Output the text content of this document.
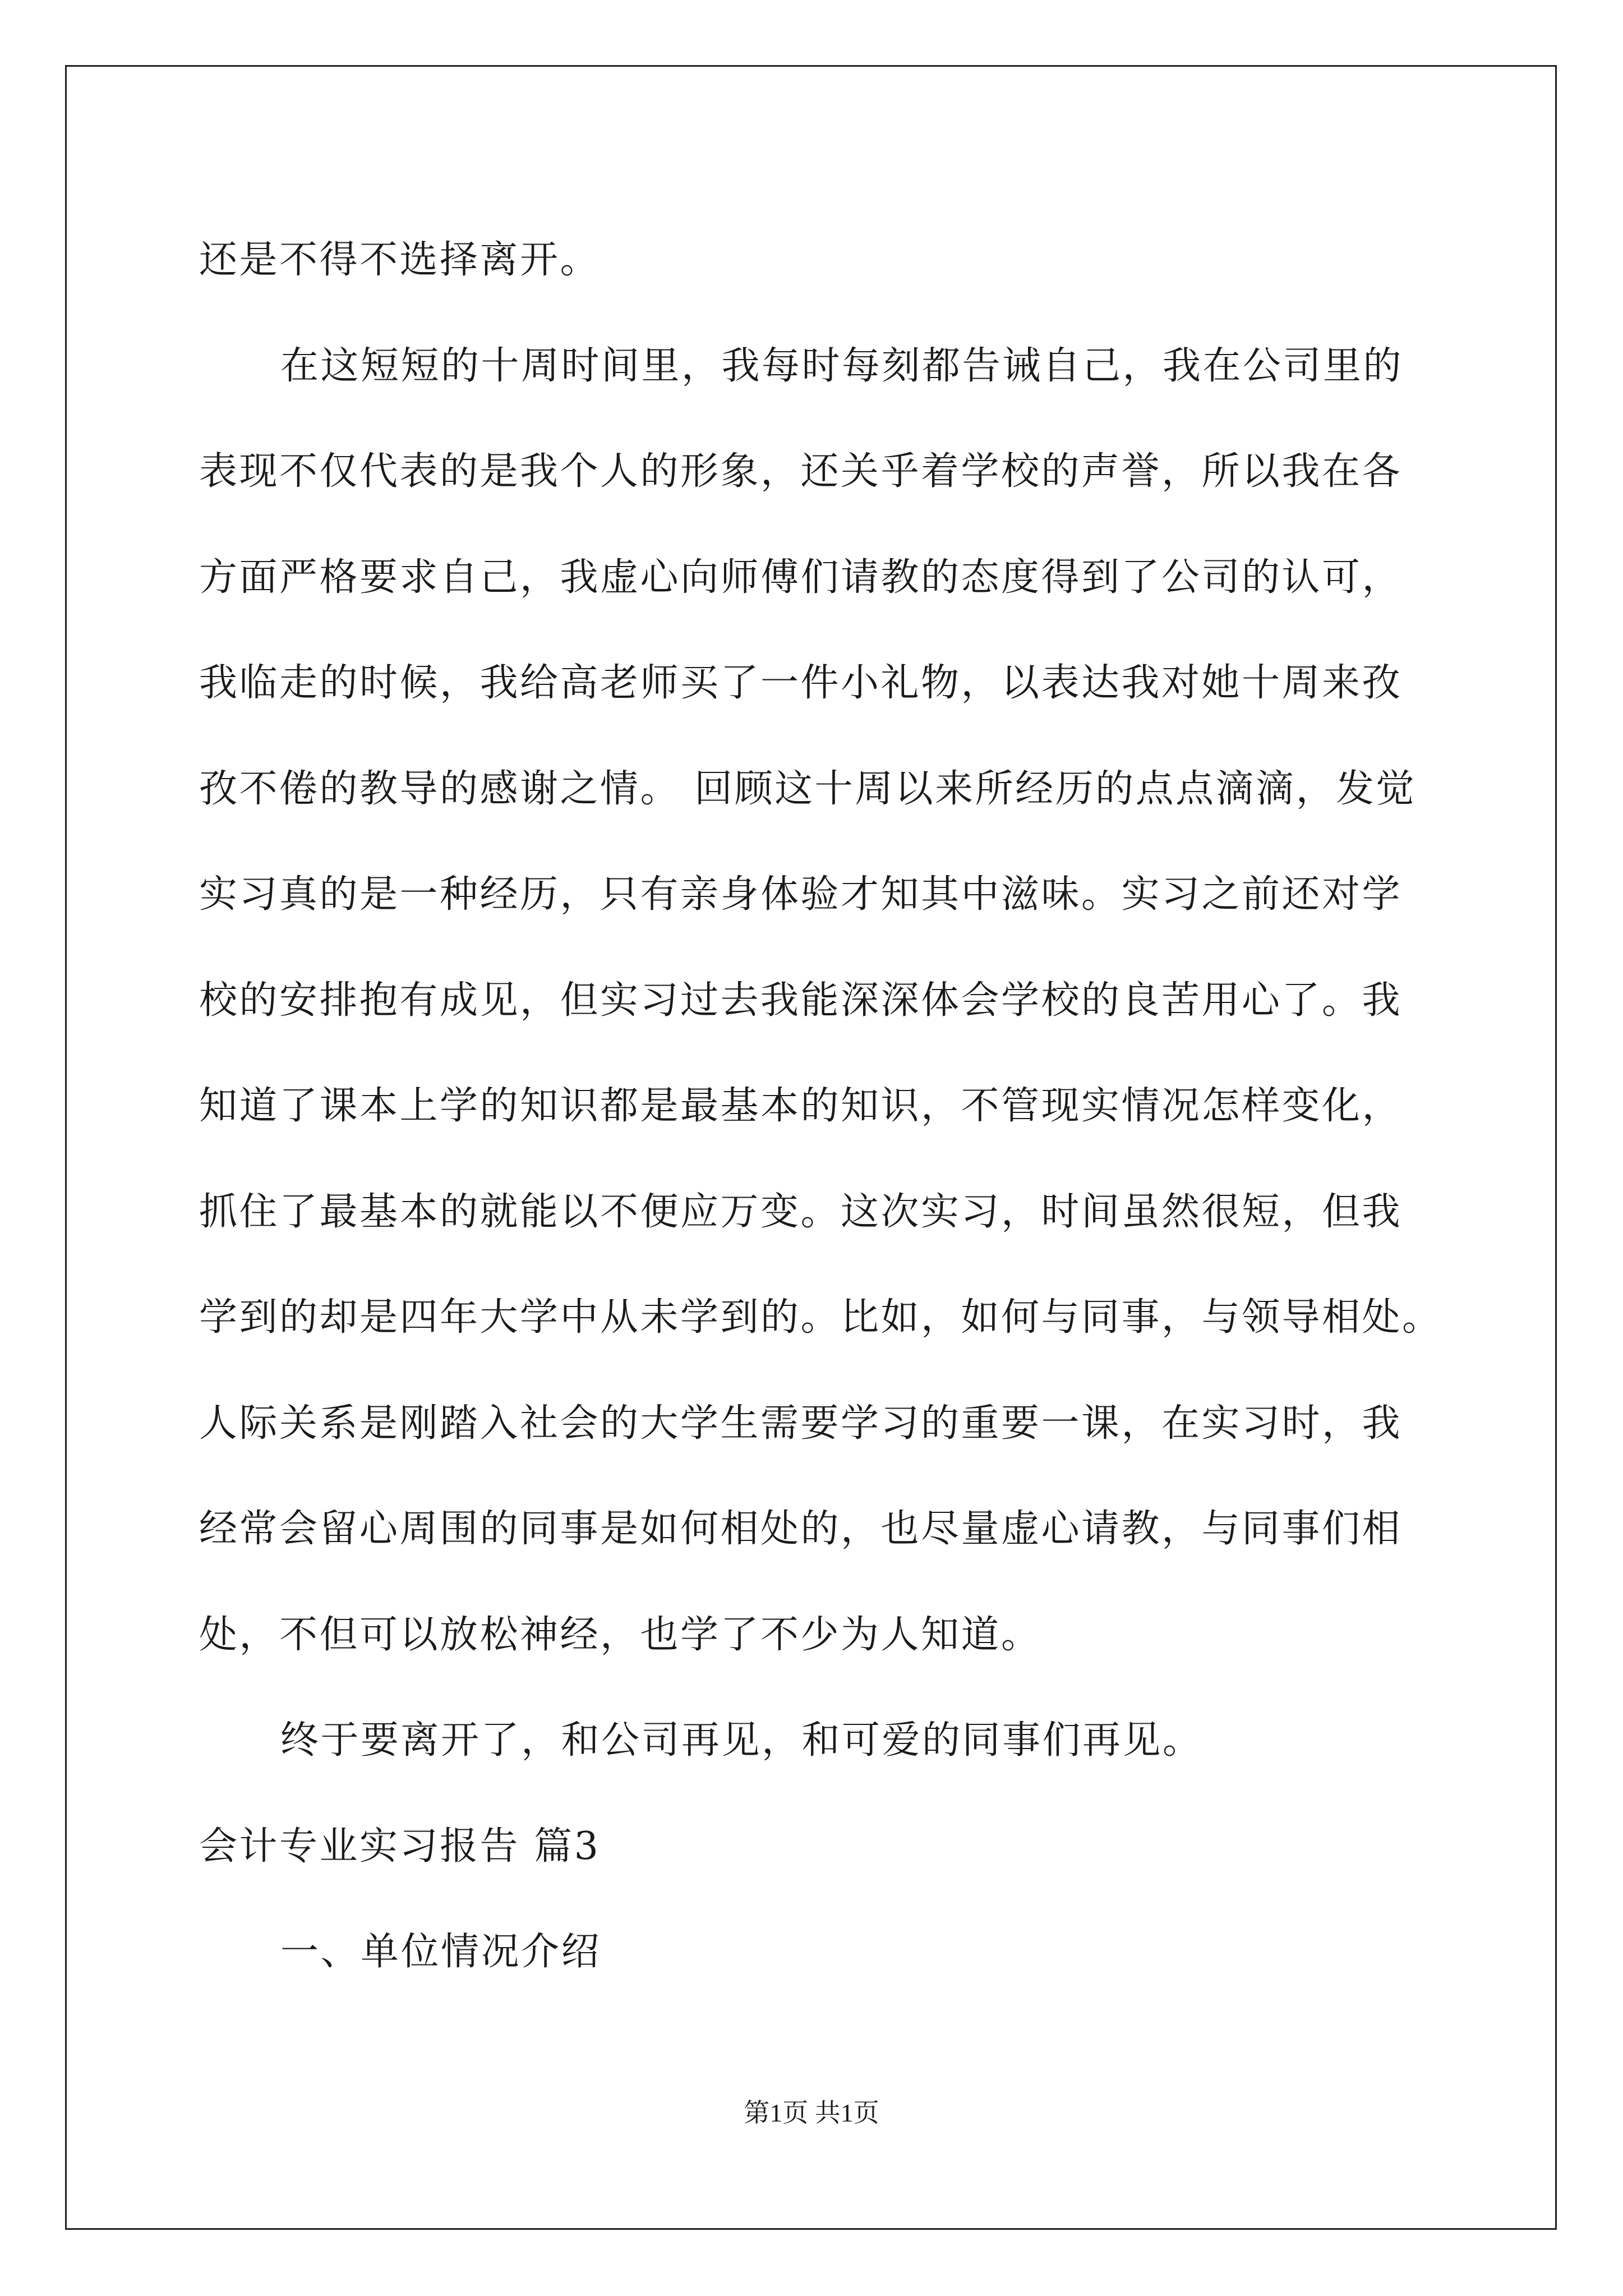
还是不得不选择离开。
在这短短的十周时间里，我每时每刻都告诫自己，我在公司里的
表现不仅代表的是我个人的形象，还关乎着学校的声誉，所以我在各
方面严格要求自己，我虚心向师傅们请教的态度得到了公司的认可，
我临走的时候，我给高老师买了一件小礼物，以表达我对她十周来孜
孜不倦的教导的感谢之情。 回顾这十周以来所经历的点点滴滴，发觉
实习真的是一种经历，只有亲身体验才知其中滋味。实习之前还对学
校的安排抱有成见，但实习过去我能深深体会学校的良苦用心了。我
知道了课本上学的知识都是最基本的知识，不管现实情况怎样变化，
抓住了最基本的就能以不便应万变。这次实习，时间虽然很短，但我
学到的却是四年大学中从未学到的。比如，如何与同事，与领导相处。
人际关系是刚踏入社会的大学生需要学习的重要一课，在实习时，我
经常会留心周围的同事是如何相处的，也尽量虚心请教，与同事们相
处，不但可以放松神经，也学了不少为人知道。
终于要离开了，和公司再见，和可爱的同事们再见。
会计专业实习报告 篇3
一、单位情况介绍
第1页 共1页
